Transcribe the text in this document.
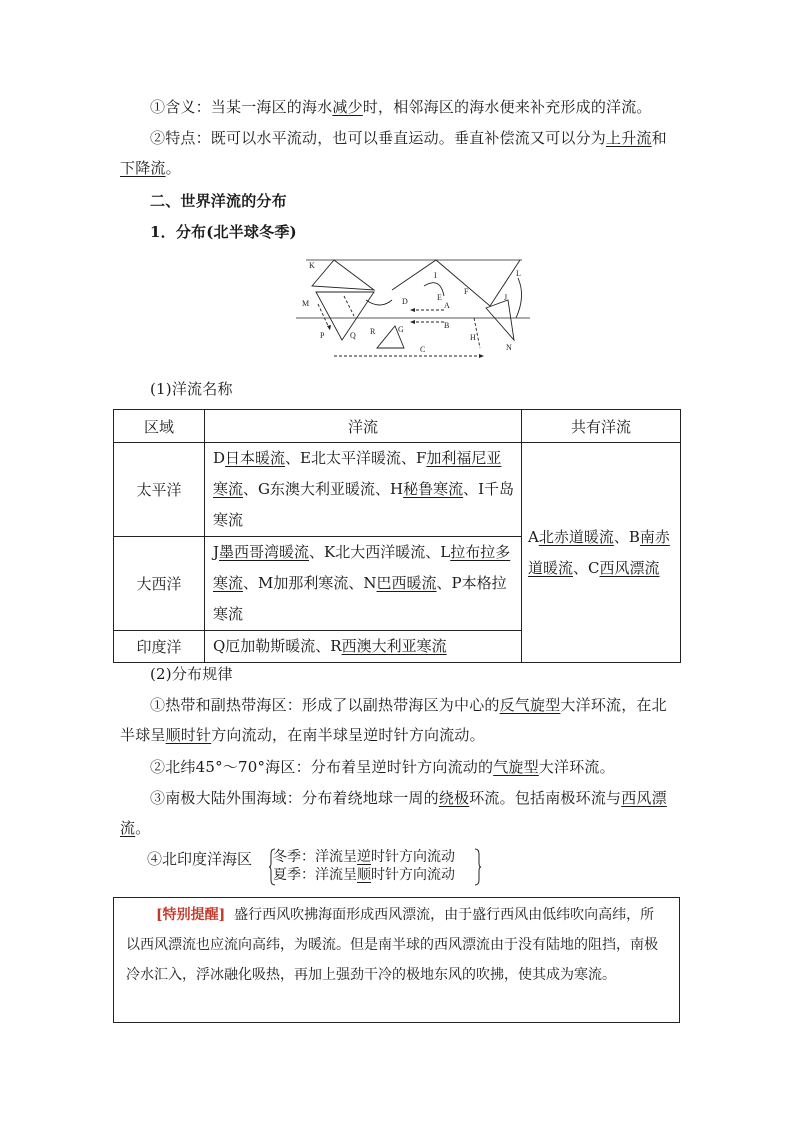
①含义：当某一海区的海水减少时，相邻海区的海水便来补充形成的洋流。
②特点：既可以水平流动，也可以垂直运动。垂直补偿流又可以分为上升流和下降流。
二、世界洋流的分布
1．分布(北半球冬季)
K
M
P	Q R	G
D
I
E
A
B
C
F
H
N
J
L
(1)洋流名称
区域	洋流	共有洋流
太平洋	D日本暖流、E北太平洋暖流、F加利福尼亚寒流、G东澳大利亚暖流、H秘鲁寒流、I千岛寒流	A北赤道暖流、B南赤道暖流、C西风漂流
大西洋	J墨西哥湾暖流、K北大西洋暖流、L拉布拉多寒流、M加那利寒流、N巴西暖流、P本格拉寒流	
印度洋	Q厄加勒斯暖流、R西澳大利亚寒流	
(2)分布规律
①热带和副热带海区：形成了以副热带海区为中心的反气旋型大洋环流，在北半球呈顺时针方向流动，在南半球呈逆时针方向流动。
②北纬45°～70°海区：分布着呈逆时针方向流动的气旋型大洋环流。
③南极大陆外围海域：分布着绕地球一周的绕极环流。包括南极环流与西风漂流。
④北印度洋海区 冬季：洋流呈逆时针方向流动
夏季：洋流呈顺时针方向流动
[特别提醒] 盛行西风吹拂海面形成西风漂流，由于盛行西风由低纬吹向高纬，所以西风漂流也应流向高纬，为暖流。但是南半球的西风漂流由于没有陆地的阻挡，南极冷水汇入，浮冰融化吸热，再加上强劲干冷的极地东风的吹拂，使其成为寒流。
